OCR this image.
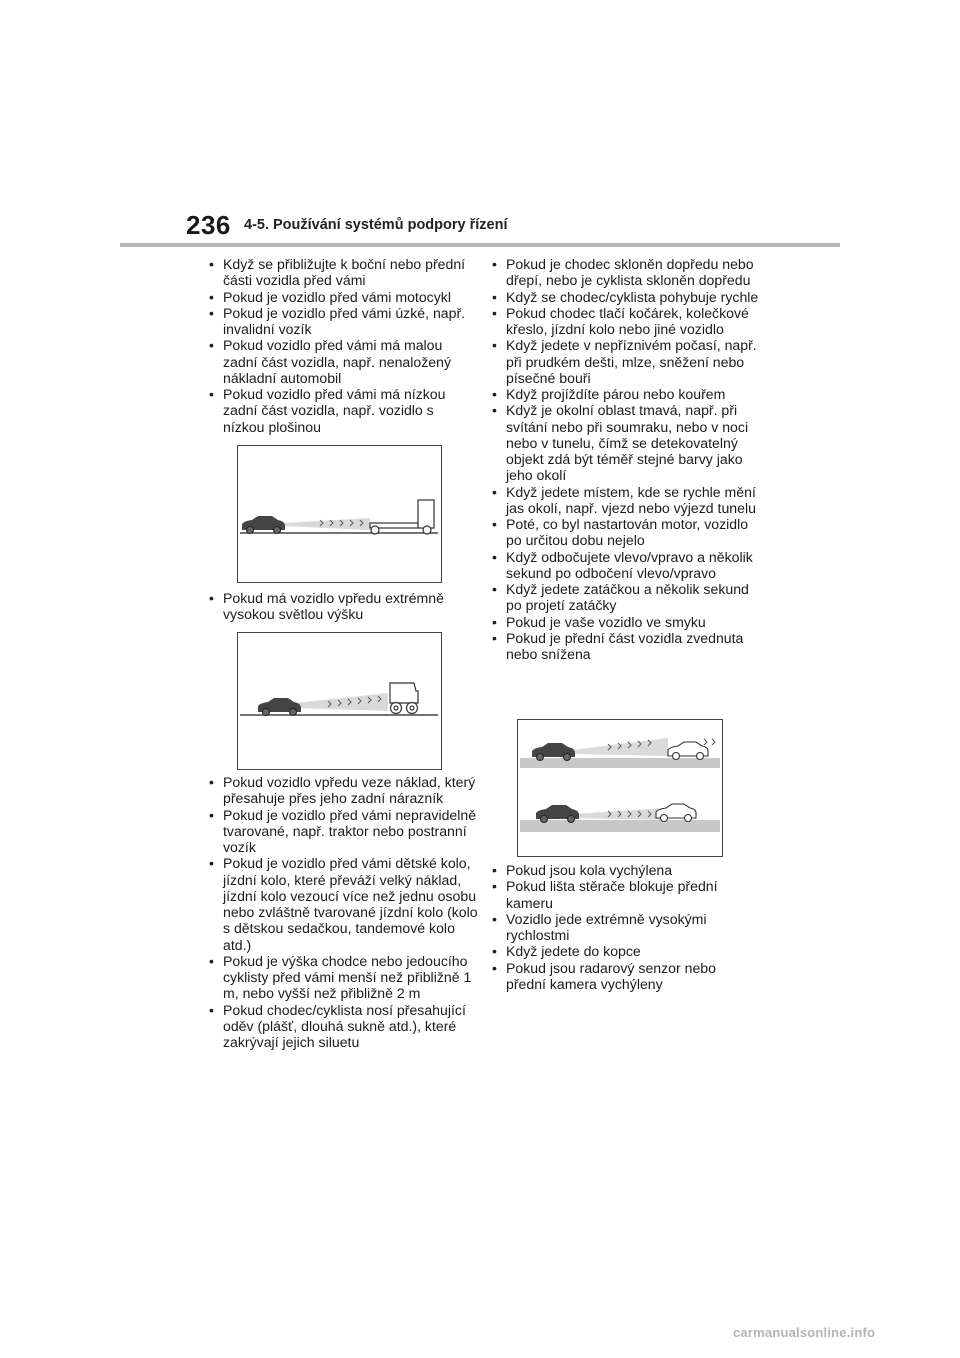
236 4-5. Používání systémů podpory řízení
• Když se přibližujte k boční nebo přední části vozidla před vámi
• Pokud je vozidlo před vámi motocykl
• Pokud je vozidlo před vámi úzké, např. invalidní vozík
• Pokud vozidlo před vámi má malou zadní část vozidla, např. nenaložený nákladní automobil
• Pokud vozidlo před vámi má nízkou zadní část vozidla, např. vozidlo s nízkou plošinou
• Pokud má vozidlo vpředu extrémně vysokou světlou výšku
• Pokud vozidlo vpředu veze náklad, který přesahuje přes jeho zadní nárazník
• Pokud je vozidlo před vámi nepravidelně tvarované, např. traktor nebo postranní vozík
• Pokud je vozidlo před vámi dětské kolo, jízdní kolo, které převáží velký náklad, jízdní kolo vezoucí více než jednu osobu nebo zvláštně tvarované jízdní kolo (kolo s dětskou sedačkou, tandemové kolo atd.)
• Pokud je výška chodce nebo jedoucího cyklisty před vámi menší než přibližně 1 m, nebo vyšší než přibližně 2 m
• Pokud chodec/cyklista nosí přesahující oděv (plášť, dlouhá sukně atd.), které zakrývají jejich siluetu
• Pokud je chodec skloněn dopředu nebo dřepí, nebo je cyklista skloněn dopředu
• Když se chodec/cyklista pohybuje rychle
• Pokud chodec tlačí kočárek, kolečkové křeslo, jízdní kolo nebo jiné vozidlo
• Když jedete v nepříznivém počasí, např. při prudkém dešti, mlze, sněžení nebo písečné bouři
• Když projíždíte párou nebo kouřem
• Když je okolní oblast tmavá, např. při svítání nebo při soumraku, nebo v noci nebo v tunelu, čímž se detekovatelný objekt zdá být téměř stejné barvy jako jeho okolí
• Když jedete místem, kde se rychle mění jas okolí, např. vjezd nebo výjezd tunelu
• Poté, co byl nastartován motor, vozidlo po určitou dobu nejelo
• Když odbočujete vlevo/vpravo a několik sekund po odbočení vlevo/vpravo
• Když jedete zatáčkou a několik sekund po projetí zatáčky
• Pokud je vaše vozidlo ve smyku
• Pokud je přední část vozidla zvednuta nebo snížena
• Pokud jsou kola vychýlena
• Pokud lišta stěrače blokuje přední kameru
• Vozidlo jede extrémně vysokými rychlostmi
• Když jedete do kopce
• Pokud jsou radarový senzor nebo přední kamera vychýleny
carmanualsonline.info
